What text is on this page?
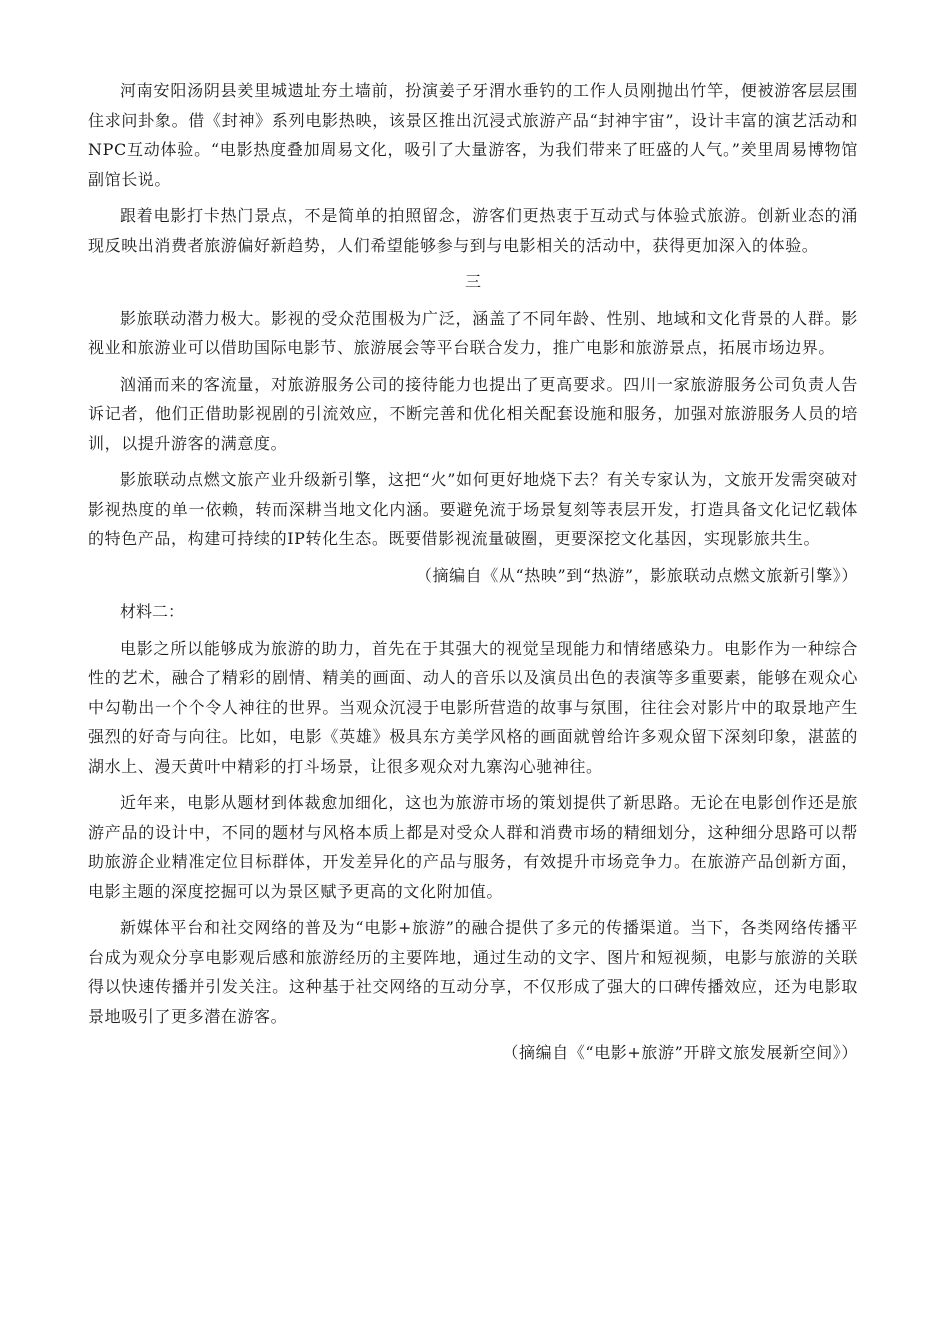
河南安阳汤阴县羑里城遗址夯土墙前，扮演姜子牙渭水垂钓的工作人员刚抛出竹竿，便被游客层层围住求问卦象。借《封神》系列电影热映，该景区推出沉浸式旅游产品“封神宇宙”，设计丰富的演艺活动和NPC互动体验。“电影热度叠加周易文化，吸引了大量游客，为我们带来了旺盛的人气。”羑里周易博物馆副馆长说。

跟着电影打卡热门景点，不是简单的拍照留念，游客们更热衷于互动式与体验式旅游。创新业态的涌现反映出消费者旅游偏好新趋势，人们希望能够参与到与电影相关的活动中，获得更加深入的体验。

三

影旅联动潜力极大。影视的受众范围极为广泛，涵盖了不同年龄、性别、地域和文化背景的人群。影视业和旅游业可以借助国际电影节、旅游展会等平台联合发力，推广电影和旅游景点，拓展市场边界。

汹涌而来的客流量，对旅游服务公司的接待能力也提出了更高要求。四川一家旅游服务公司负责人告诉记者，他们正借助影视剧的引流效应，不断完善和优化相关配套设施和服务，加强对旅游服务人员的培训，以提升游客的满意度。

影旅联动点燃文旅产业升级新引擎，这把“火”如何更好地烧下去？有关专家认为，文旅开发需突破对影视热度的单一依赖，转而深耕当地文化内涵。要避免流于场景复刻等表层开发，打造具备文化记忆载体的特色产品，构建可持续的IP转化生态。既要借影视流量破圈，更要深挖文化基因，实现影旅共生。

（摘编自《从“热映”到“热游”，影旅联动点燃文旅新引擎》）
材料二：

电影之所以能够成为旅游的助力，首先在于其强大的视觉呈现能力和情绪感染力。电影作为一种综合性的艺术，融合了精彩的剧情、精美的画面、动人的音乐以及演员出色的表演等多重要素，能够在观众心中勾勒出一个个令人神往的世界。当观众沉浸于电影所营造的故事与氛围，往往会对影片中的取景地产生强烈的好奇与向往。比如，电影《英雄》极具东方美学风格的画面就曾给许多观众留下深刻印象，湛蓝的湖水上、漫天黄叶中精彩的打斗场景，让很多观众对九寨沟心驰神往。

近年来，电影从题材到体裁愈加细化，这也为旅游市场的策划提供了新思路。无论在电影创作还是旅游产品的设计中，不同的题材与风格本质上都是对受众人群和消费市场的精细划分，这种细分思路可以帮助旅游企业精准定位目标群体，开发差异化的产品与服务，有效提升市场竞争力。在旅游产品创新方面，电影主题的深度挖掘可以为景区赋予更高的文化附加值。

新媒体平台和社交网络的普及为“电影+旅游”的融合提供了多元的传播渠道。当下，各类网络传播平台成为观众分享电影观后感和旅游经历的主要阵地，通过生动的文字、图片和短视频，电影与旅游的关联得以快速传播并引发关注。这种基于社交网络的互动分享，不仅形成了强大的口碑传播效应，还为电影取景地吸引了更多潜在游客。

（摘编自《“电影+旅游”开辟文旅发展新空间》）
